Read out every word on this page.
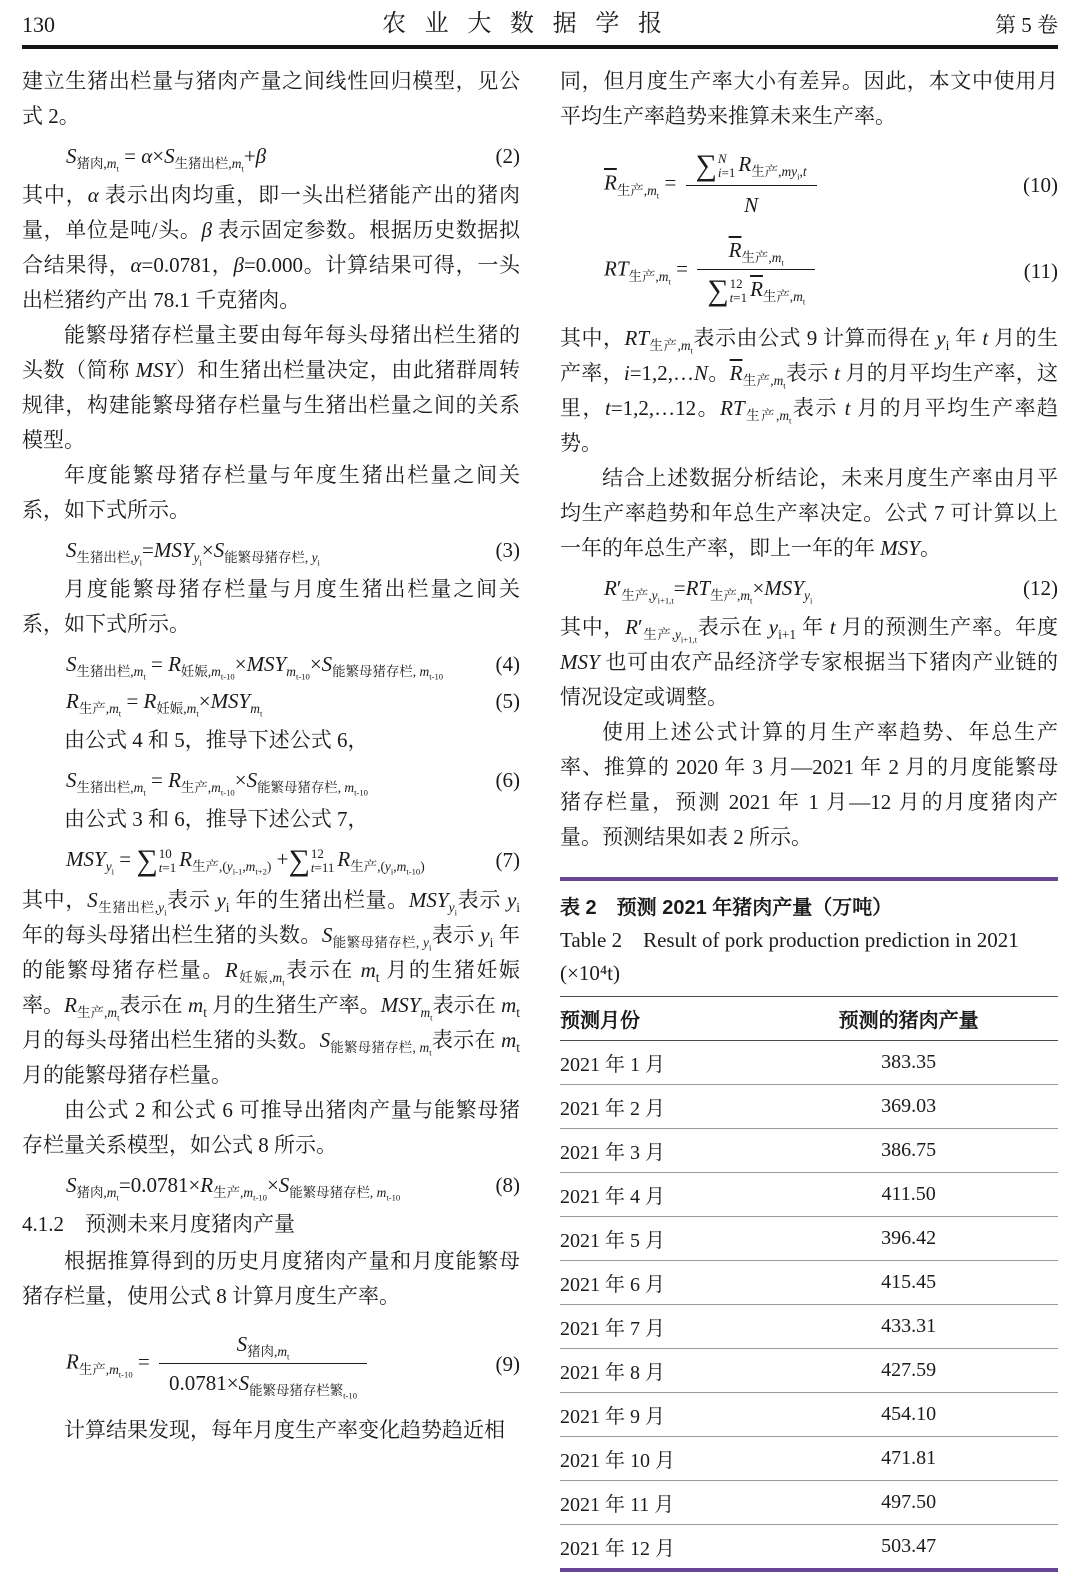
130	农 业 大 数 据 学 报	第 5 卷

建立生猪出栏量与猪肉产量之间线性回归模型，见公式 2。

$S_{猪肉,m_t} = \alpha\times S_{生猪出栏,m_t}+\beta$	(2)

其中，α 表示出肉均重，即一头出栏猪能产出的猪肉量，单位是吨/头。β 表示固定参数。根据历史数据拟合结果得，α=0.0781，β=0.000。计算结果可得，一头出栏猪约产出 78.1 千克猪肉。

能繁母猪存栏量主要由每年每头母猪出栏生猪的头数（简称 MSY）和生猪出栏量决定，由此猪群周转规律，构建能繁母猪存栏量与生猪出栏量之间的关系模型。

年度能繁母猪存栏量与年度生猪出栏量之间关系，如下式所示。

$S_{生猪出栏,y_i}=MSY_{y_i}\times S_{能繁母猪存栏, y_i}$
(3)

月度能繁母猪存栏量与月度生猪出栏量之间关系，如下式所示。

$S_{生猪出栏,m_t} = R_{妊娠,m_{t-10}}\times MSY_{m_{t-10}}\times S_{能繁母猪存栏, m_{t-10}}$
(4)
$R_{生产,m_t} = R_{妊娠,m_t}\times MSY_{m_t}$
(5)

由公式 4 和 5，推导下述公式 6，

$S_{生猪出栏,m_t} = R_{生产,m_{t-10}}\times S_{能繁母猪存栏, m_{t-10}}$
(6)

由公式 3 和 6，推导下述公式 7，

$MSY_{y_i}$ = ∑ 10
t=1 $R_{生产,(y_{i-1},m_{t+2})}$ +∑ 12
t=11 $R_{生产,(y_i,m_{t-10})}$	(7)

其中，$S_{生猪出栏,y_i}$表示 $y_i$ 年的生猪出栏量。$MSY_{y_i}$表示 $y_i$ 年的每头母猪出栏生猪的头数。$S_{能繁母猪存栏, y_i}$表示 $y_i$ 年的能繁母猪存栏量。$R_{妊娠,m_t}$表示在 $m_t$ 月的生猪妊娠率。$R_{生产,m_t}$表示在 $m_t$ 月的生猪生产率。$MSY_{m_t}$表示在 $m_t$ 月的每头母猪出栏生猪的头数。$S_{能繁母猪存栏, m_t}$表示在 $m_t$ 月的能繁母猪存栏量。

由公式 2 和公式 6 可推导出猪肉产量与能繁母猪存栏量关系模型，如公式 8 所示。

$S_{猪肉,m_t}=0.0781\times R_{生产,m_{t-10}}\times S_{能繁母猪存栏, m_{t-10}}$
(8)
4.1.2　预测未来月度猪肉产量

根据推算得到的历史月度猪肉产量和月度能繁母猪存栏量，使用公式 8 计算月度生产率。

$R_{生产,m_{t-10}} = \frac{S_{猪肉,m_t}}{0.0781\times S_{能繁母猪存栏繁_{t-10}}}$	(9)

计算结果发现，每年月度生产率变化趋势趋近相

同，但月度生产率大小有差异。因此，本文中使用月平均生产率趋势来推算未来生产率。

$\overline{R}_{生产,m_t}$ = ∑ N
i=1 $R_{生产,my_i,t}$
N	(10)
$RT_{生产,m_t} = \overline{R}_{生产,m_t}$
∑ 12
t=1 $\overline{R}_{生产,m_t}$	(11)

其中，$RT_{生产,m_t}$表示由公式 9 计算而得在 $y_i$ 年 t 月的生产率，i=1,2,…N。$\overline{R}_{生产,m_t}$表示 t 月的月平均生产率，这里，t=1,2,…12。$RT_{生产,m_t}$表示 t 月的月平均生产率趋势。

结合上述数据分析结论，未来月度生产率由月平均生产率趋势和年总生产率决定。公式 7 可计算以上一年的年总生产率，即上一年的年 MSY。

$R'_{生产,y_{i+1,t}}=RT_{生产,m_t}\times MSY_{y_i}$
(12)

其中，$R'_{生产,y_{i+1,t}}$表示在 $y_{i+1}$ 年 t 月的预测生产率。年度 MSY 也可由农产品经济学专家根据当下猪肉产业链的情况设定或调整。

使用上述公式计算的月生产率趋势、年总生产率、推算的 2020 年 3 月—2021 年 2 月的月度能繁母猪存栏量，预测 2021 年 1 月—12 月的月度猪肉产量。预测结果如表 2 所示。

表 2　预测 2021 年猪肉产量（万吨）
Table 2　Result of pork production prediction in 2021 (×10⁴t)
预测月份	预测的猪肉产量
2021 年 1 月	383.35
2021 年 2 月	369.03
2021 年 3 月	386.75
2021 年 4 月	411.50
2021 年 5 月	396.42
2021 年 6 月	415.45
2021 年 7 月	433.31
2021 年 8 月	427.59
2021 年 9 月	454.10
2021 年 10 月	471.81
2021 年 11 月	497.50
2021 年 12 月	503.47
